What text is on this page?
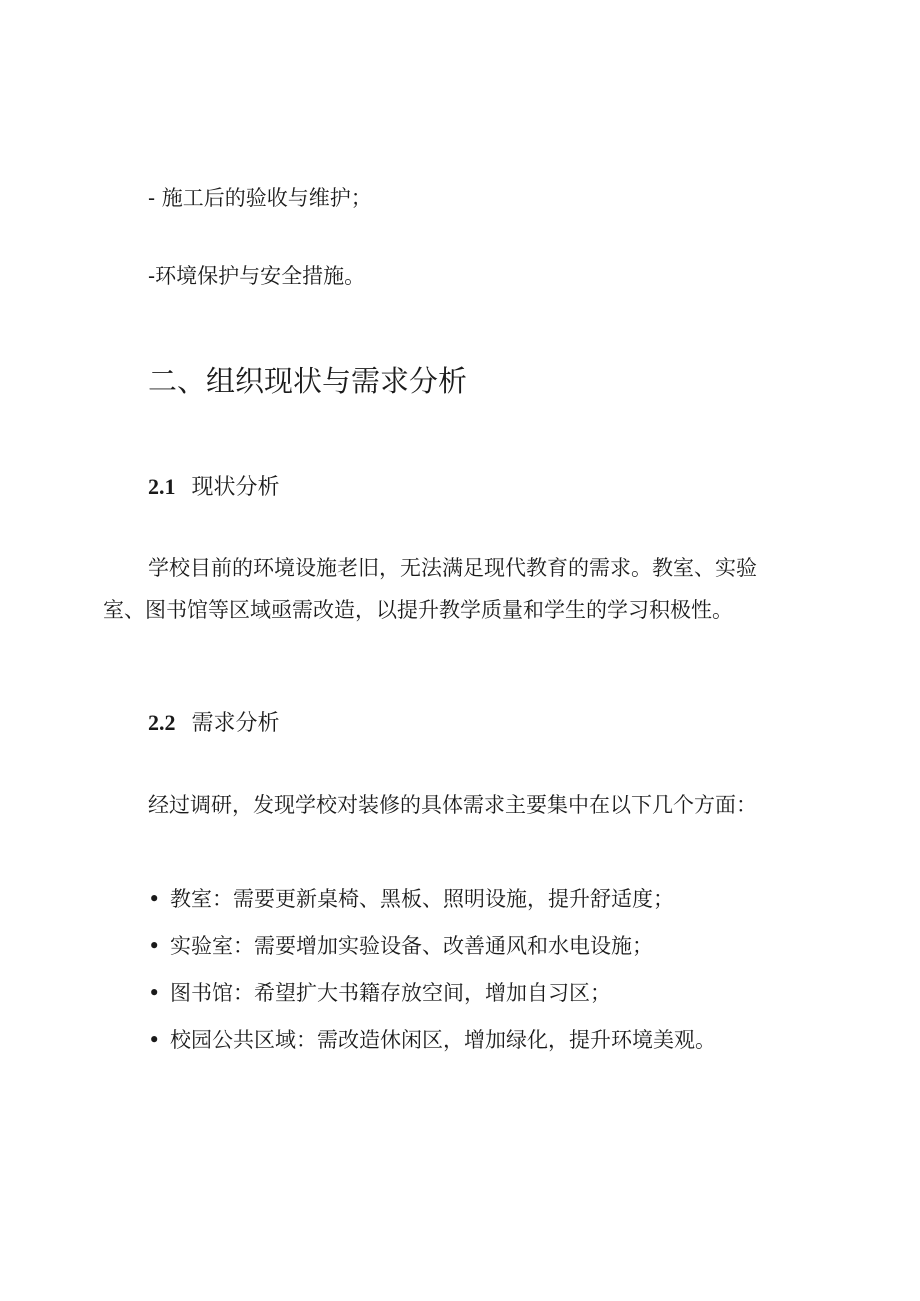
- 施工后的验收与维护；
-环境保护与安全措施。
二、组织现状与需求分析
2.1 现状分析
学校目前的环境设施老旧，无法满足现代教育的需求。教室、实验室、图书馆等区域亟需改造，以提升教学质量和学生的学习积极性。
2.2 需求分析
经过调研，发现学校对装修的具体需求主要集中在以下几个方面：
• 教室：需要更新桌椅、黑板、照明设施，提升舒适度；
• 实验室：需要增加实验设备、改善通风和水电设施；
• 图书馆：希望扩大书籍存放空间，增加自习区；
• 校园公共区域：需改造休闲区，增加绿化，提升环境美观。
